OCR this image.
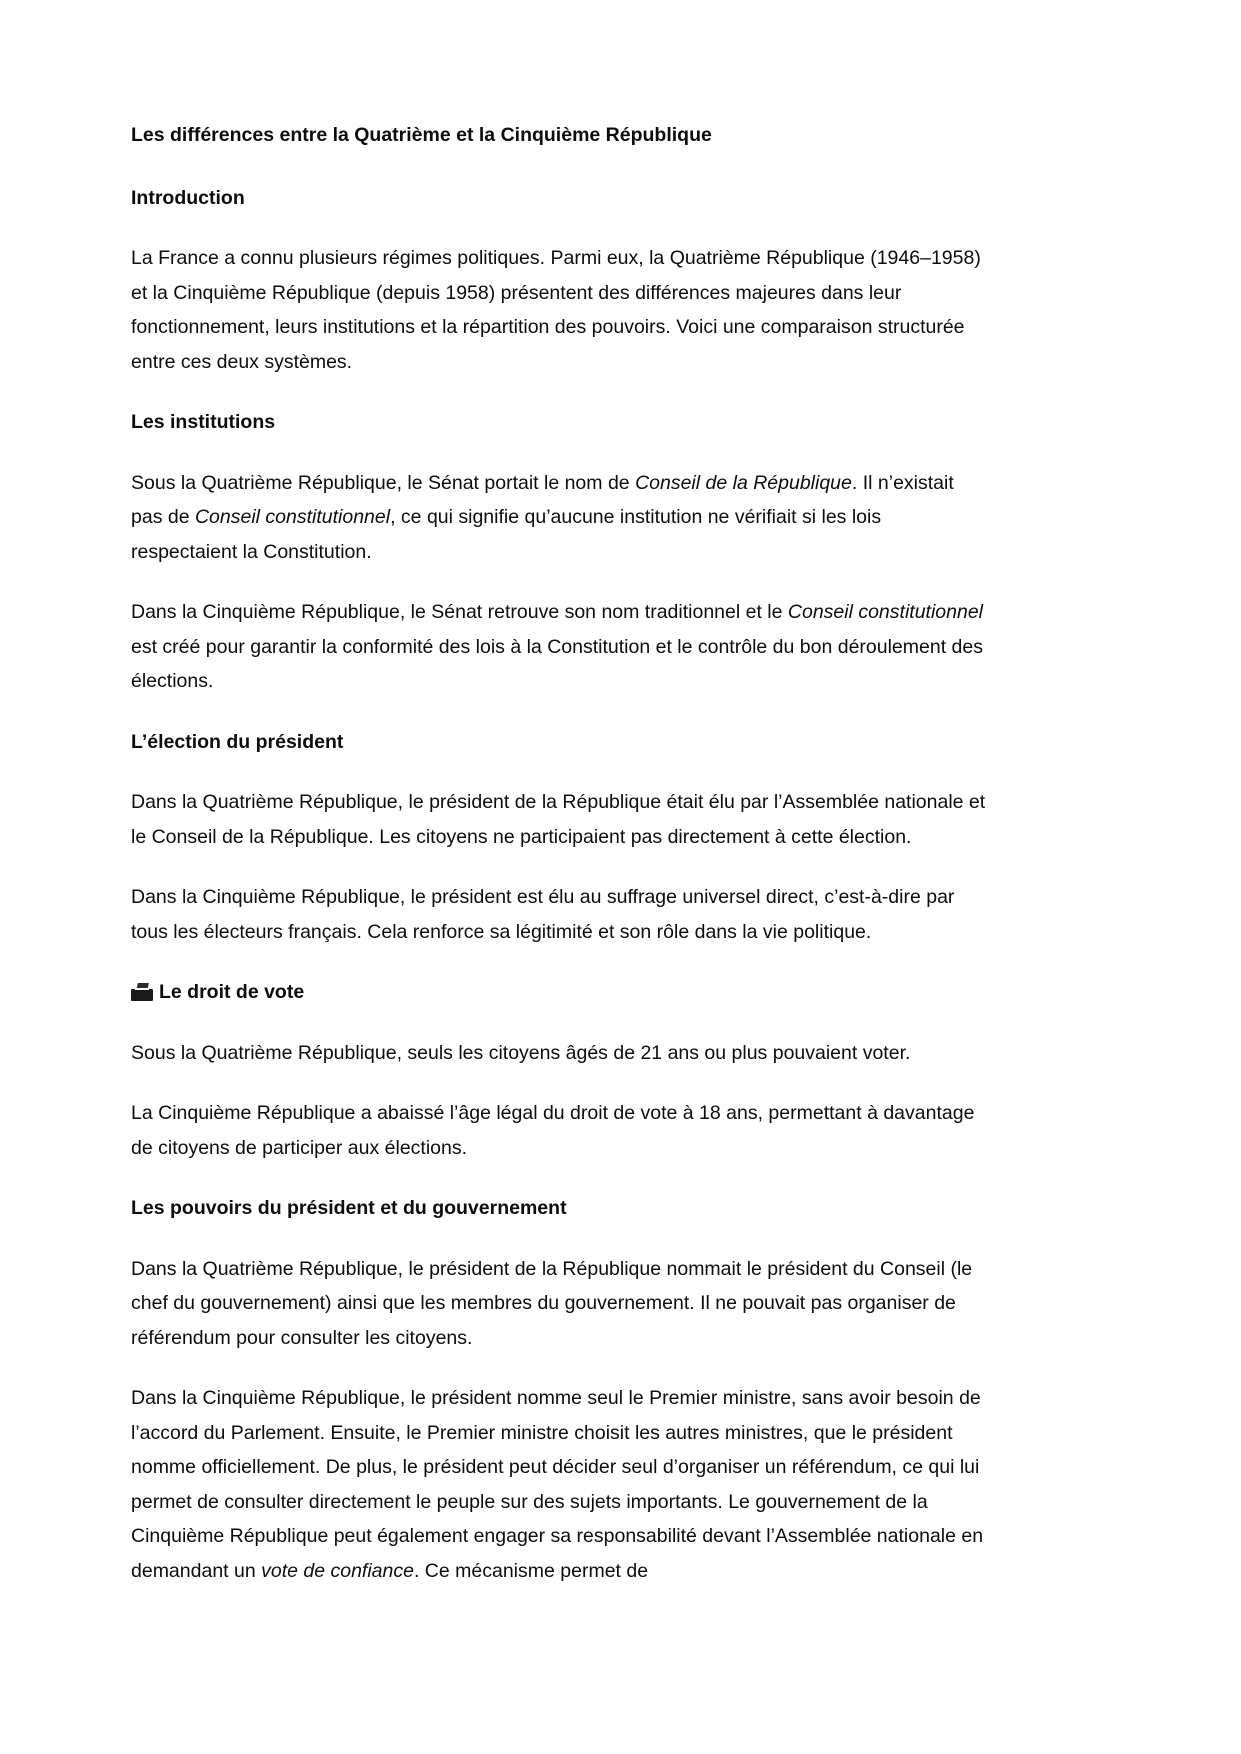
Les différences entre la Quatrième et la Cinquième République

Introduction

La France a connu plusieurs régimes politiques. Parmi eux, la Quatrième République (1946–1958) et la Cinquième République (depuis 1958) présentent des différences majeures dans leur fonctionnement, leurs institutions et la répartition des pouvoirs. Voici une comparaison structurée entre ces deux systèmes.

Les institutions

Sous la Quatrième République, le Sénat portait le nom de Conseil de la République. Il n’existait pas de Conseil constitutionnel, ce qui signifie qu’aucune institution ne vérifiait si les lois respectaient la Constitution.

Dans la Cinquième République, le Sénat retrouve son nom traditionnel et le Conseil constitutionnel est créé pour garantir la conformité des lois à la Constitution et le contrôle du bon déroulement des élections.

L’élection du président

Dans la Quatrième République, le président de la République était élu par l’Assemblée nationale et le Conseil de la République. Les citoyens ne participaient pas directement à cette élection.

Dans la Cinquième République, le président est élu au suffrage universel direct, c’est-à-dire par tous les électeurs français. Cela renforce sa légitimité et son rôle dans la vie politique.

Le droit de vote

Sous la Quatrième République, seuls les citoyens âgés de 21 ans ou plus pouvaient voter.

La Cinquième République a abaissé l’âge légal du droit de vote à 18 ans, permettant à davantage de citoyens de participer aux élections.

Les pouvoirs du président et du gouvernement

Dans la Quatrième République, le président de la République nommait le président du Conseil (le chef du gouvernement) ainsi que les membres du gouvernement. Il ne pouvait pas organiser de référendum pour consulter les citoyens.

Dans la Cinquième République, le président nomme seul le Premier ministre, sans avoir besoin de l’accord du Parlement. Ensuite, le Premier ministre choisit les autres ministres, que le président nomme officiellement. De plus, le président peut décider seul d’organiser un référendum, ce qui lui permet de consulter directement le peuple sur des sujets importants. Le gouvernement de la Cinquième République peut également engager sa responsabilité devant l’Assemblée nationale en demandant un vote de confiance. Ce mécanisme permet de
